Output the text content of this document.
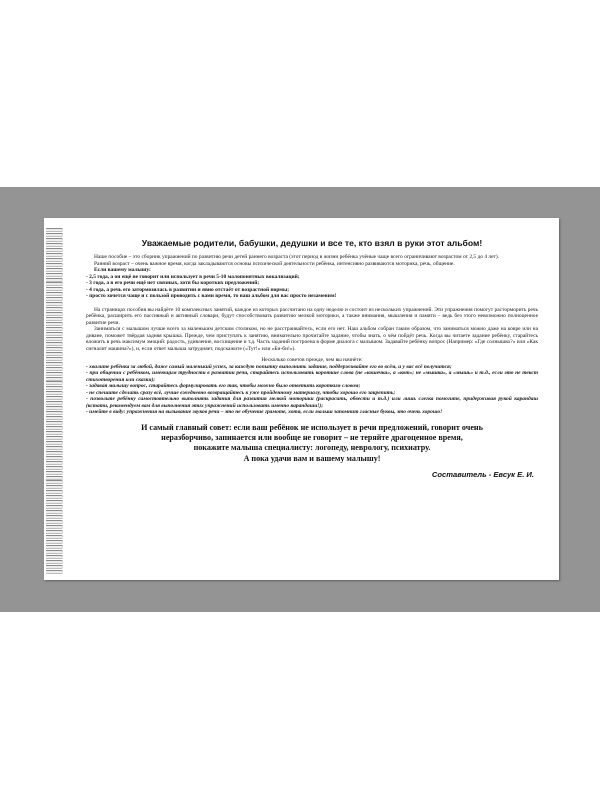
Уважаемые родители, бабушки, дедушки и все те, кто взял в руки этот альбом!

Наше пособие – это сборник упражнений по развитию речи детей раннего возраста (этот период в жизни ребёнка учёные чаще всего ограничивают возрастом от 2,5 до 4 лет).

Ранний возраст – очень важное время, когда закладываются основы психической деятельности ребёнка, интенсивно развиваются моторика, речь, общение.

Если вашему малышу:

- 2,5 года, а он ещё не говорит или использует в речи 5-10 малопонятных вокализаций;

- 3 года, а в его речи ещё нет связных, хотя бы коротких предложений;

- 4 года, а речь его затормозилась в развитии и явно отстаёт от возрастной нормы;

- просто хочется чаще и с пользой проводить с вами время, то наш альбом для вас просто незаменим!

На страницах пособия вы найдёте 10 комплексных занятий, каждое из которых рассчитано на одну неделю и состоит из нескольких упражнений. Эти упражнения помогут расторморить речь ребёнка, расширить его пассивный и активный словари, будут способствовать развитию мелкой моторики, а также внимания, мышления и памяти – ведь без этого невозможно полноценное развитие речи.

Заниматься с малышом лучше всего за маленьким детским столиком, но не расстраивайтесь, если его нет. Наш альбом собран таким образом, что заниматься можно даже на ковре или на диване, поможет твёрдая задняя крышка. Прежде, чем приступать к занятию, внимательно прочитайте задание, чтобы знать, о чём пойдёт речь. Когда вы читаете задание ребёнку, старайтесь вложить в речь максимум эмоций: радость, удивление, восхищение и т.д. Часть заданий построена в форме диалога с малышом. Задавайте ребёнку вопрос (Например: «Где солнышко?» или «Как сигналит машина?»), и, если ответ малыша затрудняет, подскажите («Тут!» или «Би-би!»).

Несколько советов прежде, чем вы начнёте:

- хвалите ребёнка за любой, даже самый маленький успех, за каждую попытку выполнить задание, поддерживайте его во всём, и у вас всё получится;

- при общении с ребёнком, имеющим трудности в развитии речи, старайтесь использовать короткие слова (не «кошечка», а «кот»; не «мышка», а «мышь» и т.д., если это не текст стихотворения или сказки);

- задавая малышу вопрос, старайтесь формулировать его так, чтобы можно было ответить коротким словом;

- не спешите сделать сразу всё, лучше ежедневно возвращайтесь к уже пройденному материалу, чтобы хорошо его закрепить;

- позвольте ребёнку самостоятельно выполнять задания для развития мелкой моторики (раскрасить, обвести и т.д.) или лишь слегка помогите, придерживая рукой карандаш (кстати, рекомендуем вам для выполнения этих упражнений использовать именно карандаши!);

- имейте в виду: упражнения на вызывание звуков речи – это не обучение грамоте, хотя, если малыш запомнит гласные буквы, это очень хорошо!

И самый главный совет: если ваш ребёнок не использует в речи предложений, говорит очень

неразборчиво, запинается или вообще не говорит – не теряйте драгоценное время,

покажите малыша специалисту: логопеду, неврологу, психиатру.

А пока удачи вам и вашему малышу!

Составитель - Евсук Е. И.
